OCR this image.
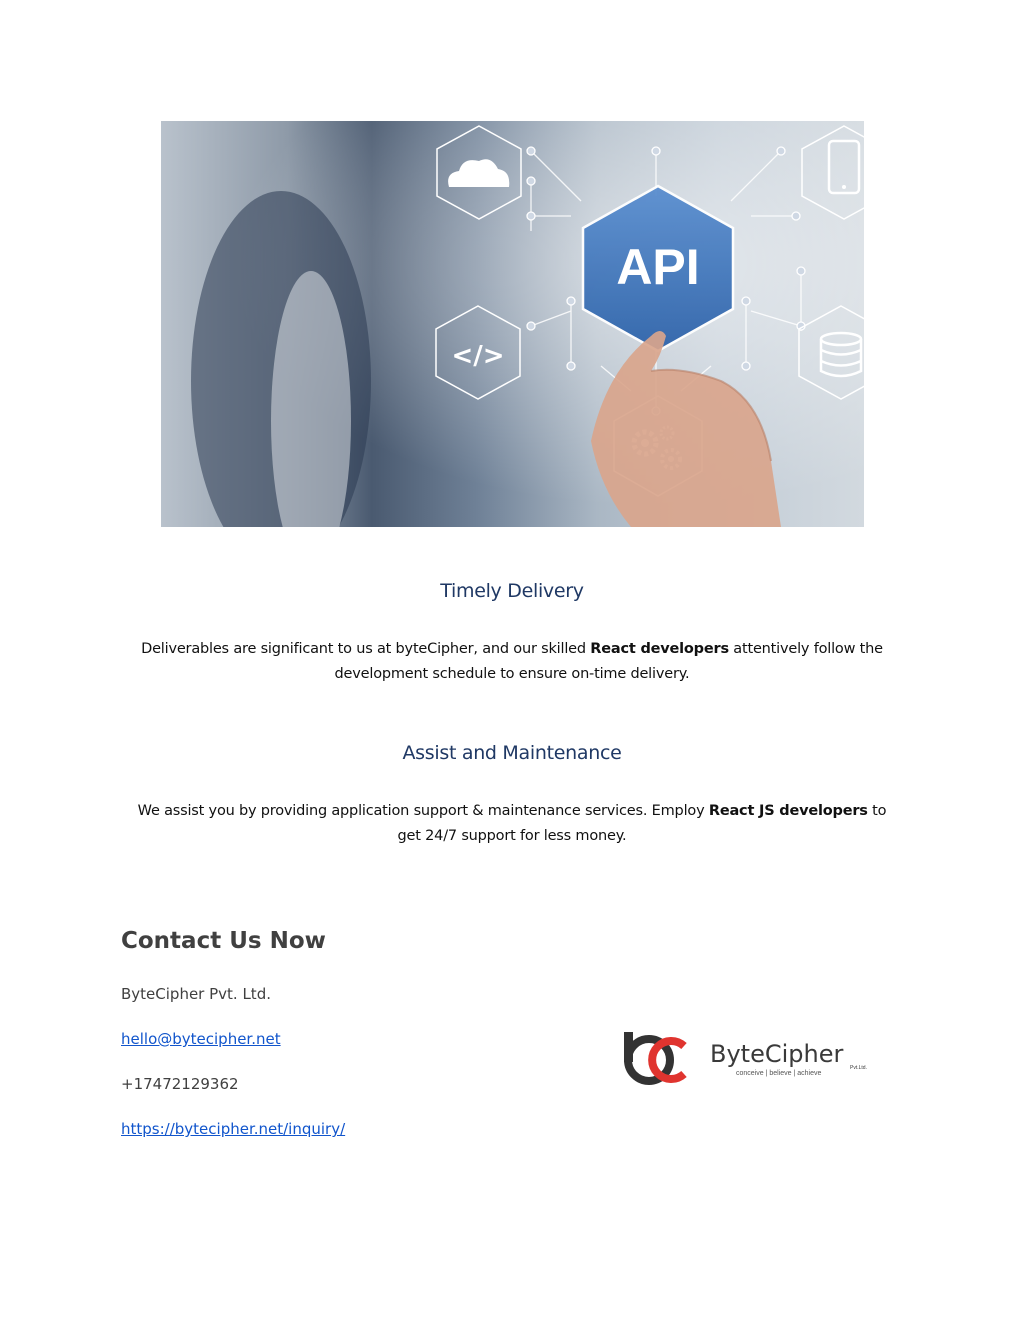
API
</>
Timely Delivery
Deliverables are significant to us at byteCipher, and our skilled React developers attentively follow the
development schedule to ensure on-time delivery.
Assist and Maintenance
We assist you by providing application support & maintenance services. Employ React JS developers to
get 24/7 support for less money.
Contact Us Now
ByteCipher Pvt. Ltd.
hello@bytecipher.net
+17472129362
https://bytecipher.net/inquiry/
bc
ByteCipher Pvt.Ltd.
conceive | believe | achieve
